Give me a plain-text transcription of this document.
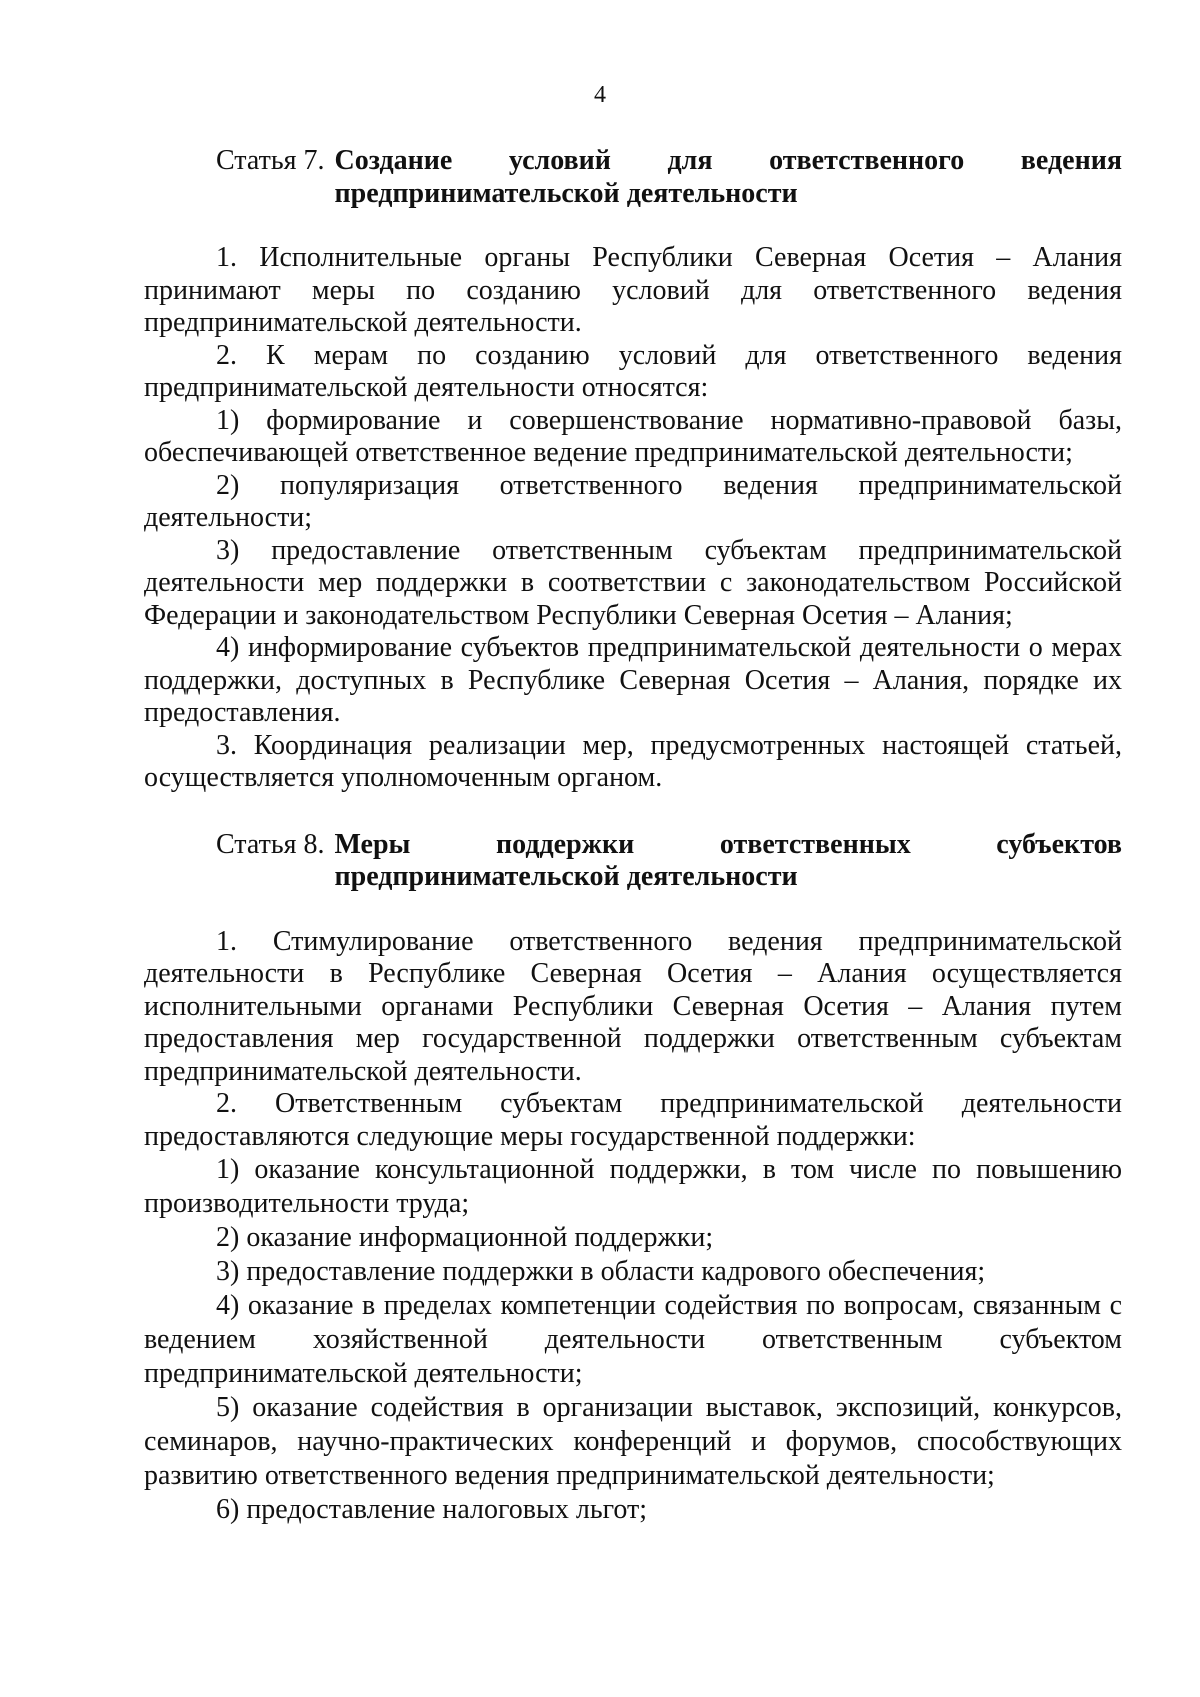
4
Статья 7. Создание условий для ответственного ведения
предпринимательской деятельности

1. Исполнительные органы Республики Северная Осетия – Алания принимают меры по созданию условий для ответственного ведения предпринимательской деятельности.

2. К мерам по созданию условий для ответственного ведения предпринимательской деятельности относятся:

1) формирование и совершенствование нормативно-правовой базы, обеспечивающей ответственное ведение предпринимательской деятельности;

2) популяризация ответственного ведения предпринимательской деятельности;

3) предоставление ответственным субъектам предпринимательской деятельности мер поддержки в соответствии с законодательством Российской Федерации и законодательством Республики Северная Осетия – Алания;

4) информирование субъектов предпринимательской деятельности о мерах поддержки, доступных в Республике Северная Осетия – Алания, порядке их предоставления.

3. Координация реализации мер, предусмотренных настоящей статьей, осуществляется уполномоченным органом.

Статья 8. Меры поддержки ответственных субъектов
предпринимательской деятельности

1. Стимулирование ответственного ведения предпринимательской деятельности в Республике Северная Осетия – Алания осуществляется исполнительными органами Республики Северная Осетия – Алания путем предоставления мер государственной поддержки ответственным субъектам предпринимательской деятельности.

2. Ответственным субъектам предпринимательской деятельности предоставляются следующие меры государственной поддержки:

1) оказание консультационной поддержки, в том числе по повышению производительности труда;

2) оказание информационной поддержки;

3) предоставление поддержки в области кадрового обеспечения;

4) оказание в пределах компетенции содействия по вопросам, связанным с ведением хозяйственной деятельности ответственным субъектом предпринимательской деятельности;

5) оказание содействия в организации выставок, экспозиций, конкурсов, семинаров, научно-практических конференций и форумов, способствующих развитию ответственного ведения предпринимательской деятельности;

6) предоставление налоговых льгот;
